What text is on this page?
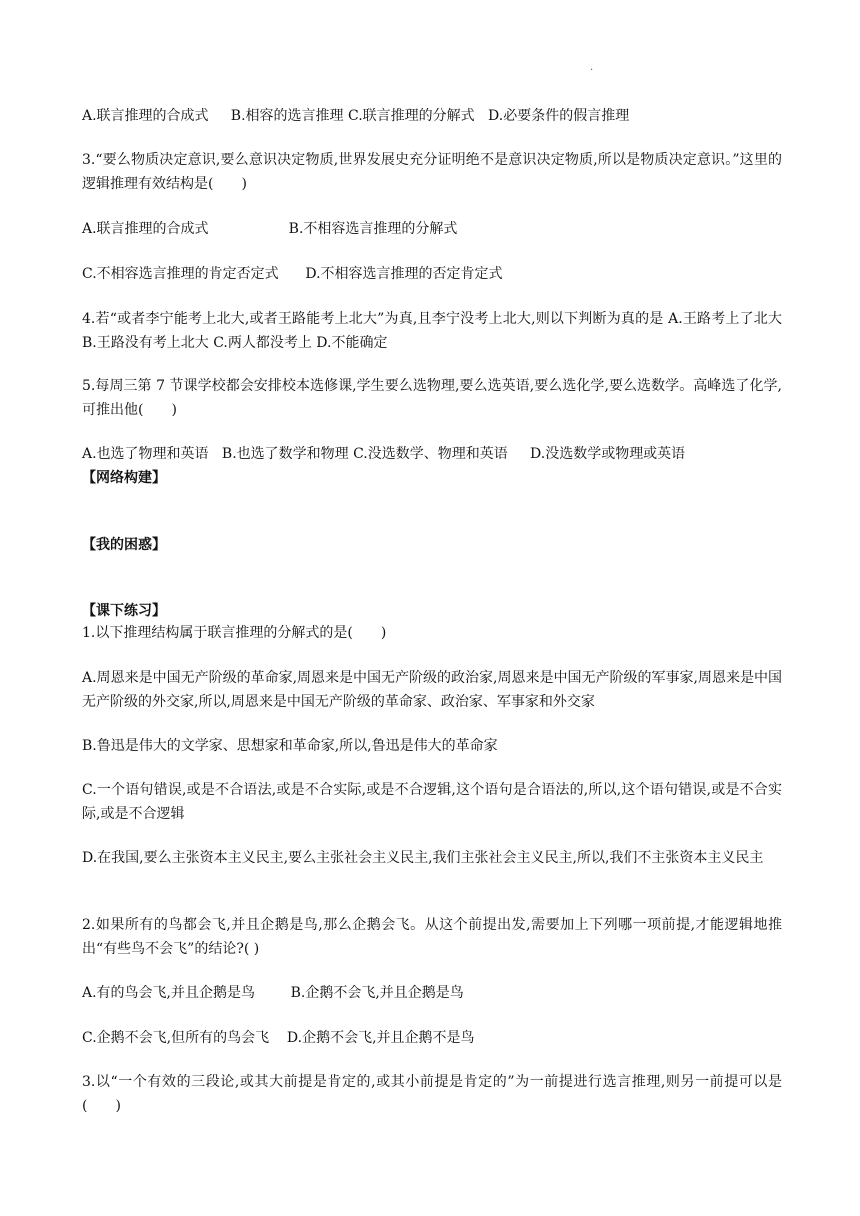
.
A.联言推理的合成式     B.相容的选言推理 C.联言推理的分解式   D.必要条件的假言推理
3.“要么物质决定意识,要么意识决定物质,世界发展史充分证明绝不是意识决定物质,所以是物质决定意识。”这里的逻辑推理有效结构是(　　)
A.联言推理的合成式                  B.不相容选言推理的分解式
C.不相容选言推理的肯定否定式      D.不相容选言推理的否定肯定式
4.若“或者李宁能考上北大,或者王路能考上北大”为真,且李宁没考上北大,则以下判断为真的是 A.王路考上了北大 B.王路没有考上北大 C.两人都没考上 D.不能确定
5.每周三第 7 节课学校都会安排校本选修课,学生要么选物理,要么选英语,要么选化学,要么选数学。高峰选了化学,可推出他(　　)
A.也选了物理和英语   B.也选了数学和物理 C.没选数学、物理和英语     D.没选数学或物理或英语
【网络构建】
【我的困惑】
【课下练习】
1.以下推理结构属于联言推理的分解式的是(　　)
A.周恩来是中国无产阶级的革命家,周恩来是中国无产阶级的政治家,周恩来是中国无产阶级的军事家,周恩来是中国无产阶级的外交家,所以,周恩来是中国无产阶级的革命家、政治家、军事家和外交家
B.鲁迅是伟大的文学家、思想家和革命家,所以,鲁迅是伟大的革命家
C.一个语句错误,或是不合语法,或是不合实际,或是不合逻辑,这个语句是合语法的,所以,这个语句错误,或是不合实际,或是不合逻辑
D.在我国,要么主张资本主义民主,要么主张社会主义民主,我们主张社会主义民主,所以,我们不主张资本主义民主
2.如果所有的鸟都会飞,并且企鹅是鸟,那么企鹅会飞。从这个前提出发,需要加上下列哪一项前提,才能逻辑地推出“有些鸟不会飞”的结论?( )
A.有的鸟会飞,并且企鹅是鸟        B.企鹅不会飞,并且企鹅是鸟
C.企鹅不会飞,但所有的鸟会飞    D.企鹅不会飞,并且企鹅不是鸟
3.以“一个有效的三段论,或其大前提是肯定的,或其小前提是肯定的”为一前提进行选言推理,则另一前提可以是(　　)
